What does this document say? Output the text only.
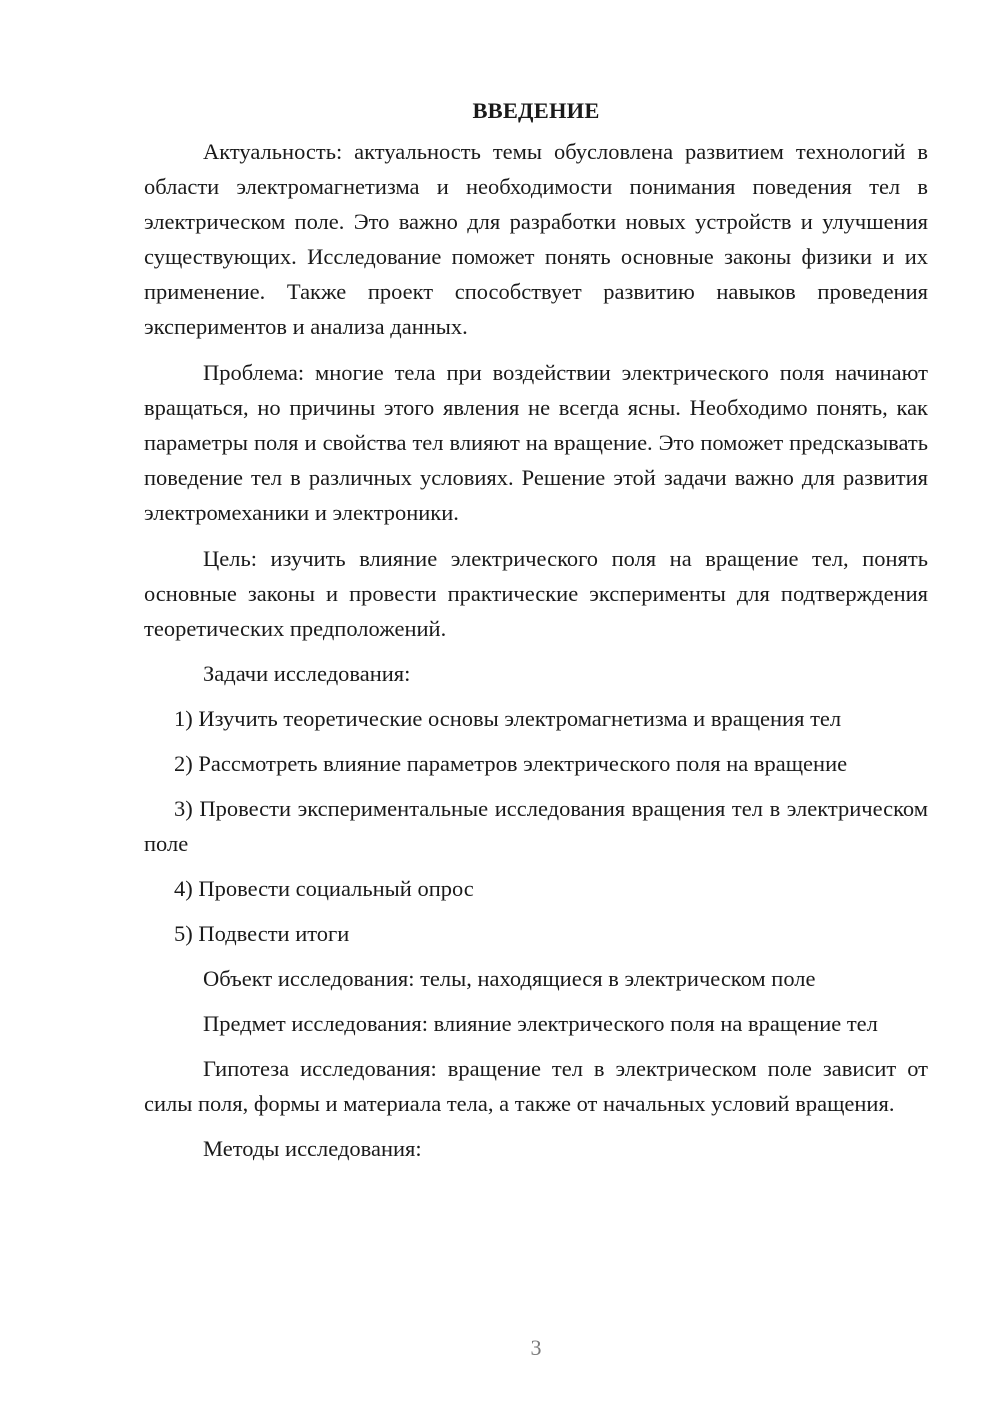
ВВЕДЕНИЕ

Актуальность: актуальность темы обусловлена развитием технологий в области электромагнетизма и необходимости понимания поведения тел в электрическом поле. Это важно для разработки новых устройств и улучшения существующих. Исследование поможет понять основные законы физики и их применение. Также проект способствует развитию навыков проведения экспериментов и анализа данных.

Проблема: многие тела при воздействии электрического поля начинают вращаться, но причины этого явления не всегда ясны. Необходимо понять, как параметры поля и свойства тел влияют на вращение. Это поможет предсказывать поведение тел в различных условиях. Решение этой задачи важно для развития электромеханики и электроники.

Цель: изучить влияние электрического поля на вращение тел, понять основные законы и провести практические эксперименты для подтверждения теоретических предположений.

Задачи исследования:

1) Изучить теоретические основы электромагнетизма и вращения тел

2) Рассмотреть влияние параметров электрического поля на вращение

3) Провести экспериментальные исследования вращения тел в электрическом поле

4) Провести социальный опрос

5) Подвести итоги

Объект исследования: телы, находящиеся в электрическом поле

Предмет исследования: влияние электрического поля на вращение тел

Гипотеза исследования: вращение тел в электрическом поле зависит от силы поля, формы и материала тела, а также от начальных условий вращения.

Методы исследования:

3
